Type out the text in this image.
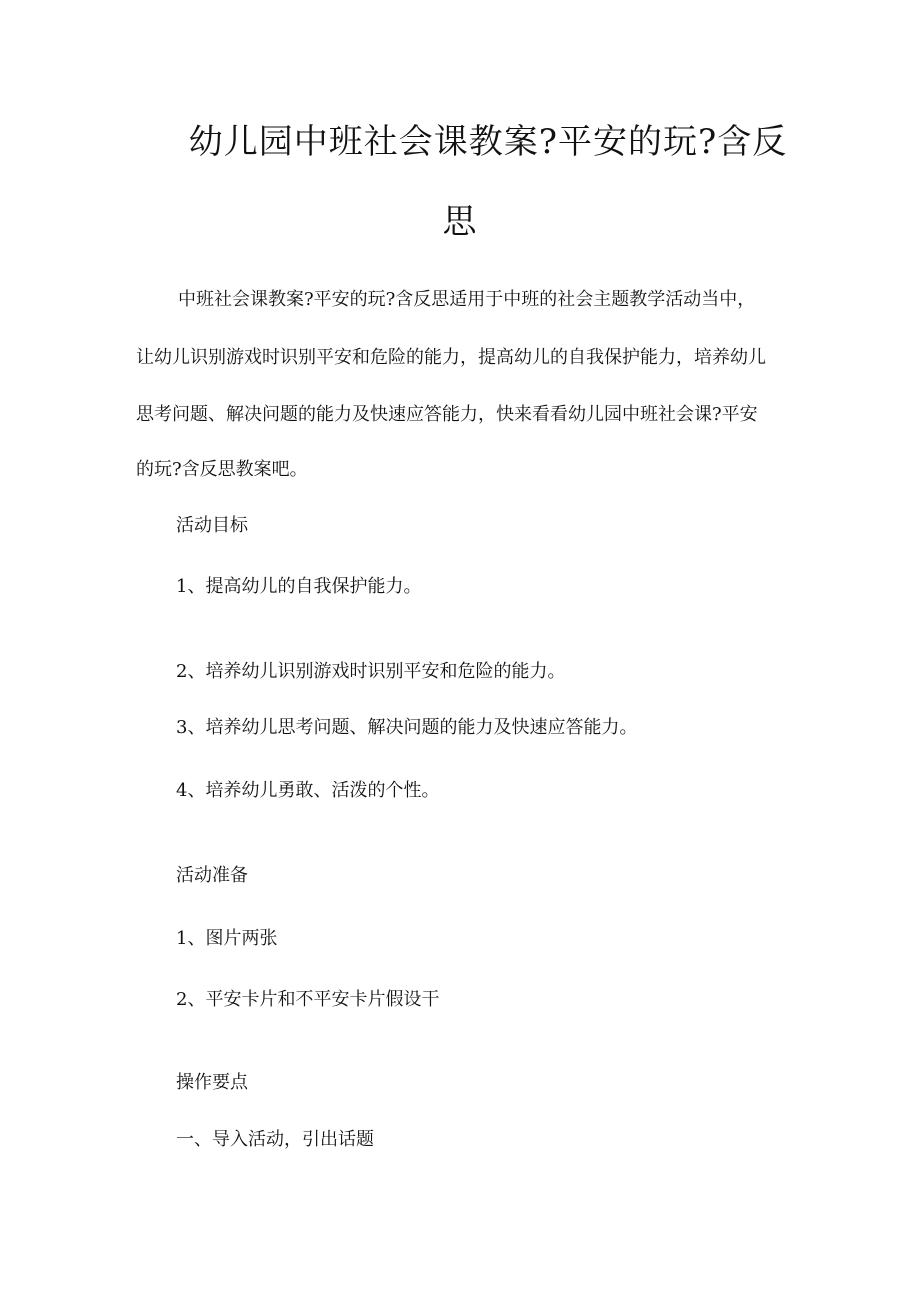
幼儿园中班社会课教案?平安的玩?含反
思
中班社会课教案?平安的玩?含反思适用于中班的社会主题教学活动当中，
让幼儿识别游戏时识别平安和危险的能力，提高幼儿的自我保护能力，培养幼儿
思考问题、解决问题的能力及快速应答能力，快来看看幼儿园中班社会课?平安
的玩?含反思教案吧。

活动目标

1、提高幼儿的自我保护能力。

2、培养幼儿识别游戏时识别平安和危险的能力。

3、培养幼儿思考问题、解决问题的能力及快速应答能力。

4、培养幼儿勇敢、活泼的个性。

活动准备

1、图片两张

2、平安卡片和不平安卡片假设干

操作要点

一、导入活动，引出话题
